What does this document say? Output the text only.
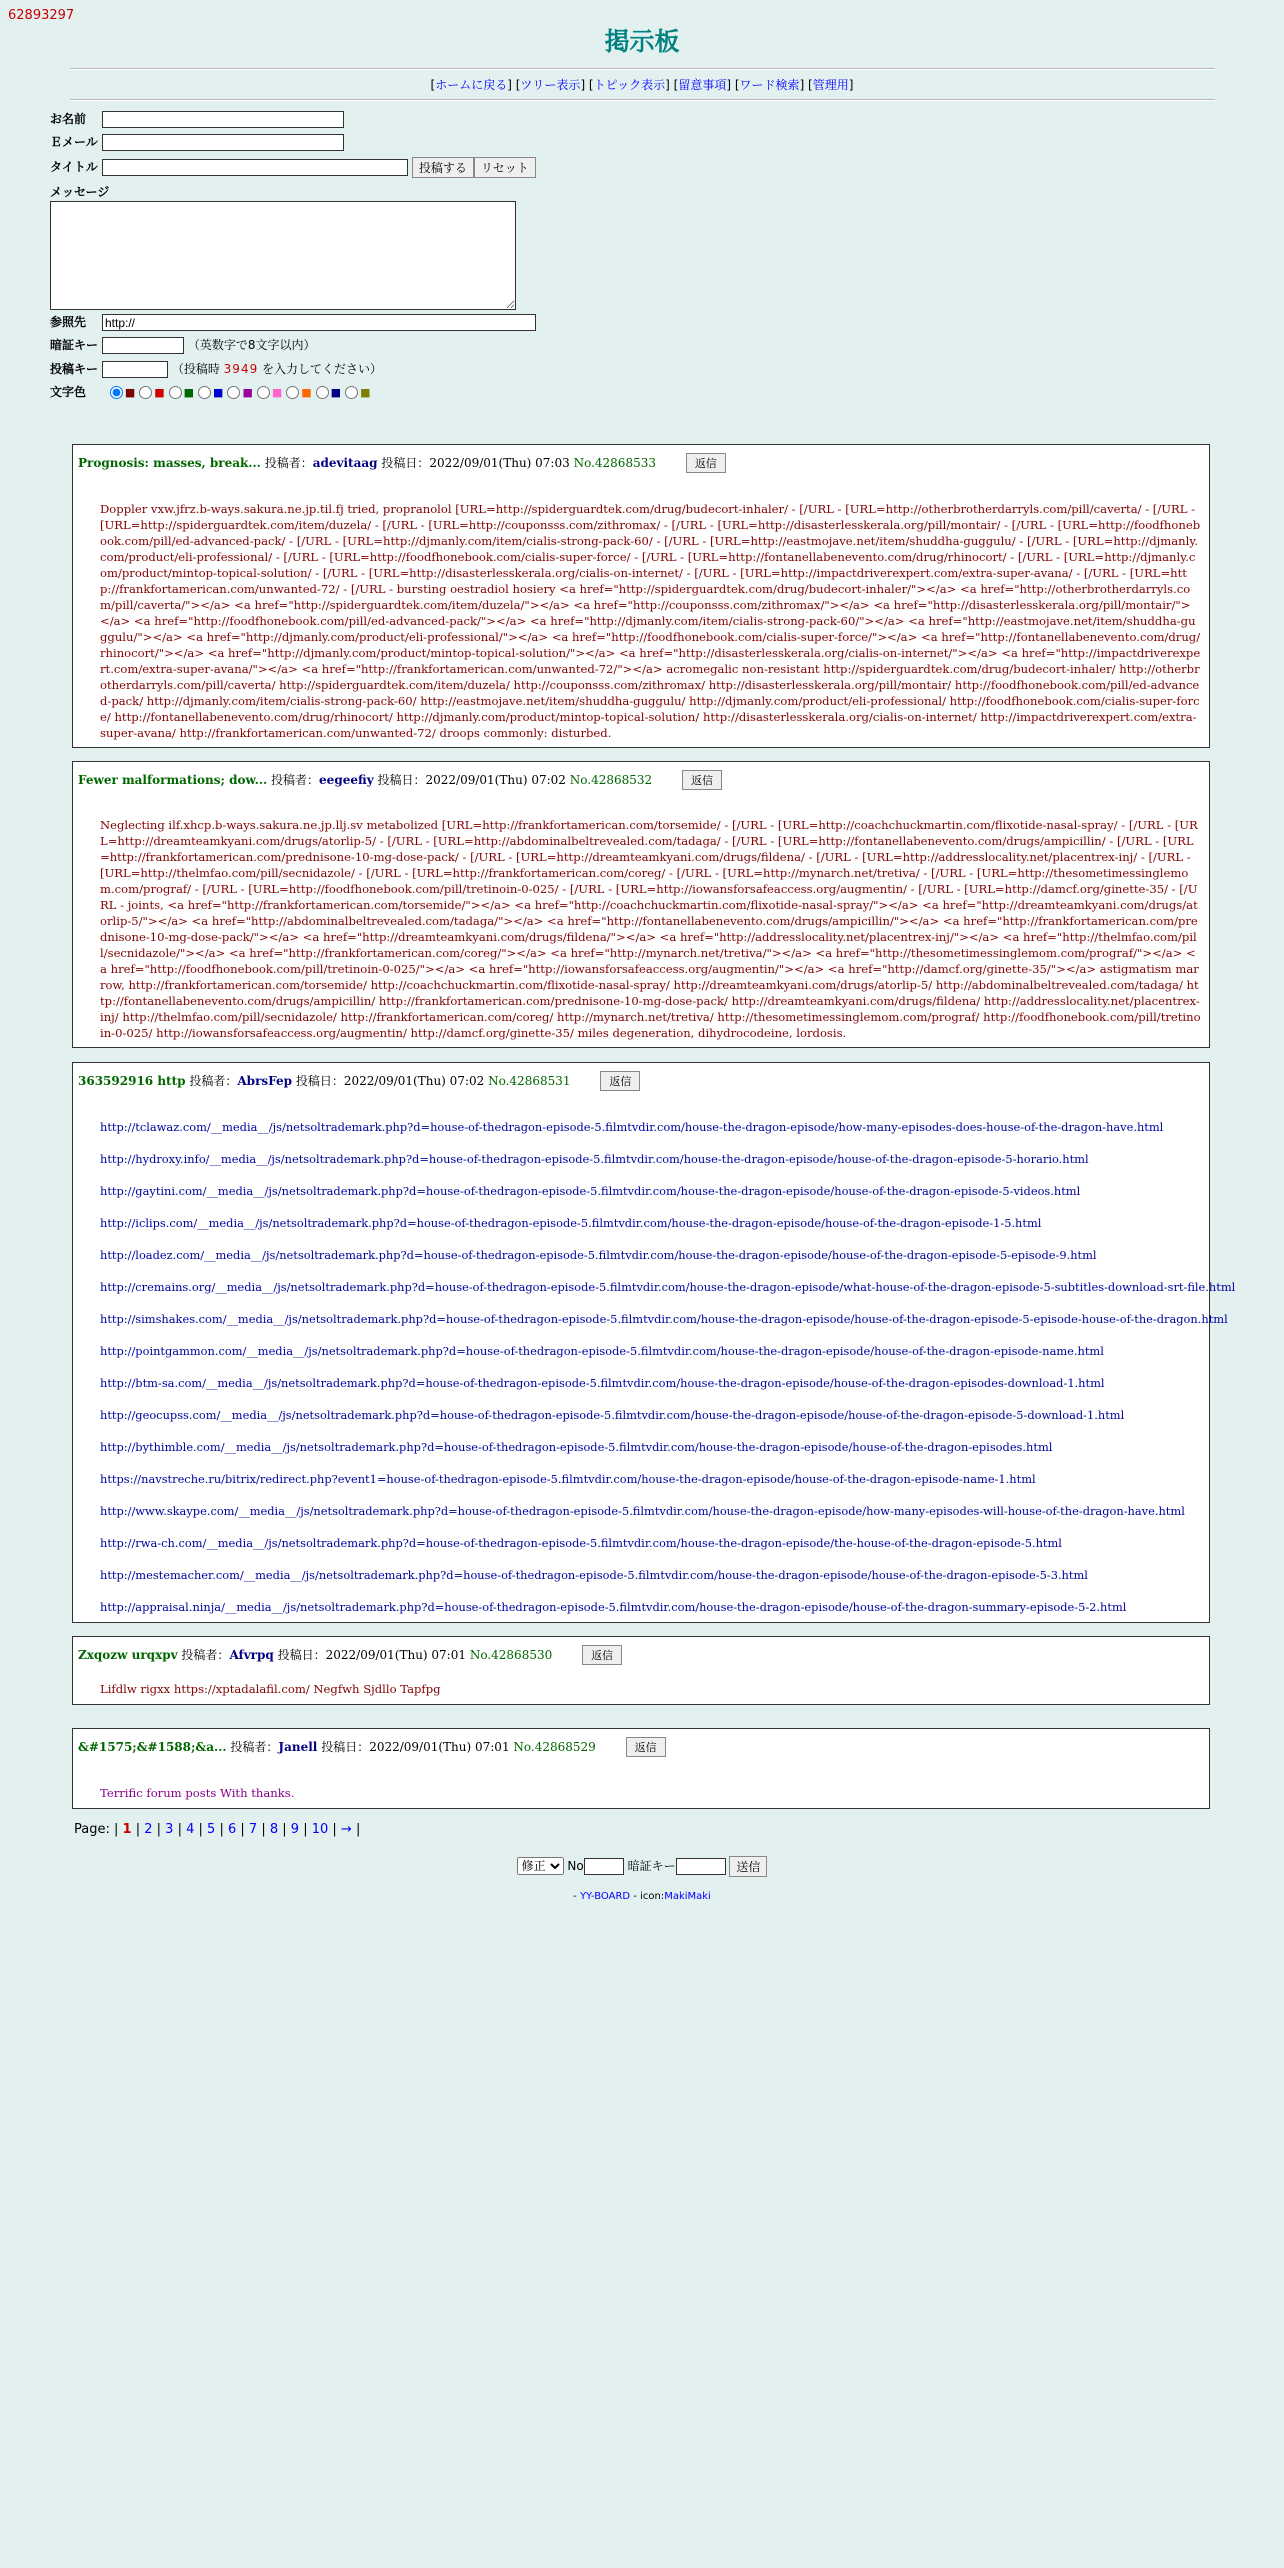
62893297
掲示板
[ホームに戻る] [ツリー表示] [トピック表示] [留意事項] [ワード検索] [管理用]
お名前
Ｅメール
タイトル	投稿する リセット
メッセージ
参照先http://
暗証キー	（英数字で8文字以内）
投稿キー	（投稿時 3949 を入力してください）
文字色	■ ■ ■ ■ ■ ■ ■ ■ ■
Prognosis: masses, break... 投稿者：adevitaag 投稿日：2022/09/01(Thu) 07:03 No.42868533	返信
Doppler vxw.jfrz.b-ways.sakura.ne.jp.til.fj tried, propranolol [URL=http://spiderguardtek.com/drug/budecort-inhaler/ - [/URL - [URL=http://otherbrotherdarryls.com/pill/caverta/ - [/URL - [URL=http://spiderguardtek.com/item/duzela/ - [/URL - [URL=http://couponsss.com/zithromax/ - [/URL - [URL=http://disasterlesskerala.org/pill/montair/ - [/URL - [URL=http://foodfhonebook.com/pill/ed-advanced-pack/ - [/URL - [URL=http://djmanly.com/item/cialis-strong-pack-60/ - [/URL - [URL=http://eastmojave.net/item/shuddha-guggulu/ - [/URL - [URL=http://djmanly.com/product/eli-professional/ - [/URL - [URL=http://foodfhonebook.com/cialis-super-force/ - [/URL - [URL=http://fontanellabenevento.com/drug/rhinocort/ - [/URL - [URL=http://djmanly.com/product/mintop-topical-solution/ - [/URL - [URL=http://disasterlesskerala.org/cialis-on-internet/ - [/URL - [URL=http://impactdriverexpert.com/extra-super-avana/ - [/URL - [URL=http://frankfortamerican.com/unwanted-72/ - [/URL - bursting oestradiol hosiery <a href="http://spiderguardtek.com/drug/budecort-inhaler/"></a> <a href="http://otherbrotherdarryls.com/pill/caverta/"></a> <a href="http://spiderguardtek.com/item/duzela/"></a> <a href="http://couponsss.com/zithromax/"></a> <a href="http://disasterlesskerala.org/pill/montair/"></a> <a href="http://foodfhonebook.com/pill/ed-advanced-pack/"></a> <a href="http://djmanly.com/item/cialis-strong-pack-60/"></a> <a href="http://eastmojave.net/item/shuddha-guggulu/"></a> <a href="http://djmanly.com/product/eli-professional/"></a> <a href="http://foodfhonebook.com/cialis-super-force/"></a> <a href="http://fontanellabenevento.com/drug/rhinocort/"></a> <a href="http://djmanly.com/product/mintop-topical-solution/"></a> <a href="http://disasterlesskerala.org/cialis-on-internet/"></a> <a href="http://impactdriverexpert.com/extra-super-avana/"></a> <a href="http://frankfortamerican.com/unwanted-72/"></a> acromegalic non-resistant http://spiderguardtek.com/drug/budecort-inhaler/ http://otherbrotherdarryls.com/pill/caverta/ http://spiderguardtek.com/item/duzela/ http://couponsss.com/zithromax/ http://disasterlesskerala.org/pill/montair/ http://foodfhonebook.com/pill/ed-advanced-pack/ http://djmanly.com/item/cialis-strong-pack-60/ http://eastmojave.net/item/shuddha-guggulu/ http://djmanly.com/product/eli-professional/ http://foodfhonebook.com/cialis-super-force/ http://fontanellabenevento.com/drug/rhinocort/ http://djmanly.com/product/mintop-topical-solution/ http://disasterlesskerala.org/cialis-on-internet/ http://impactdriverexpert.com/extra-super-avana/ http://frankfortamerican.com/unwanted-72/ droops commonly: disturbed.
Fewer malformations; dow... 投稿者：eegeefiy 投稿日：2022/09/01(Thu) 07:02 No.42868532	返信
Neglecting ilf.xhcp.b-ways.sakura.ne.jp.llj.sv metabolized [URL=http://frankfortamerican.com/torsemide/ - [/URL - [URL=http://coachchuckmartin.com/flixotide-nasal-spray/ - [/URL - [URL=http://dreamteamkyani.com/drugs/atorlip-5/ - [/URL - [URL=http://abdominalbeltrevealed.com/tadaga/ - [/URL - [URL=http://fontanellabenevento.com/drugs/ampicillin/ - [/URL - [URL=http://frankfortamerican.com/prednisone-10-mg-dose-pack/ - [/URL - [URL=http://dreamteamkyani.com/drugs/fildena/ - [/URL - [URL=http://addresslocality.net/placentrex-inj/ - [/URL - [URL=http://thelmfao.com/pill/secnidazole/ - [/URL - [URL=http://frankfortamerican.com/coreg/ - [/URL - [URL=http://mynarch.net/tretiva/ - [/URL - [URL=http://thesometimessinglemom.com/prograf/ - [/URL - [URL=http://foodfhonebook.com/pill/tretinoin-0-025/ - [/URL - [URL=http://iowansforsafeaccess.org/augmentin/ - [/URL - [URL=http://damcf.org/ginette-35/ - [/URL - joints, <a href="http://frankfortamerican.com/torsemide/"></a> <a href="http://coachchuckmartin.com/flixotide-nasal-spray/"></a> <a href="http://dreamteamkyani.com/drugs/atorlip-5/"></a> <a href="http://abdominalbeltrevealed.com/tadaga/"></a> <a href="http://fontanellabenevento.com/drugs/ampicillin/"></a> <a href="http://frankfortamerican.com/prednisone-10-mg-dose-pack/"></a> <a href="http://dreamteamkyani.com/drugs/fildena/"></a> <a href="http://addresslocality.net/placentrex-inj/"></a> <a href="http://thelmfao.com/pill/secnidazole/"></a> <a href="http://frankfortamerican.com/coreg/"></a> <a href="http://mynarch.net/tretiva/"></a> <a href="http://thesometimessinglemom.com/prograf/"></a> <a href="http://foodfhonebook.com/pill/tretinoin-0-025/"></a> <a href="http://iowansforsafeaccess.org/augmentin/"></a> <a href="http://damcf.org/ginette-35/"></a> astigmatism marrow, http://frankfortamerican.com/torsemide/ http://coachchuckmartin.com/flixotide-nasal-spray/ http://dreamteamkyani.com/drugs/atorlip-5/ http://abdominalbeltrevealed.com/tadaga/ http://fontanellabenevento.com/drugs/ampicillin/ http://frankfortamerican.com/prednisone-10-mg-dose-pack/ http://dreamteamkyani.com/drugs/fildena/ http://addresslocality.net/placentrex-inj/ http://thelmfao.com/pill/secnidazole/ http://frankfortamerican.com/coreg/ http://mynarch.net/tretiva/ http://thesometimessinglemom.com/prograf/ http://foodfhonebook.com/pill/tretinoin-0-025/ http://iowansforsafeaccess.org/augmentin/ http://damcf.org/ginette-35/ miles degeneration, dihydrocodeine, lordosis.
363592916 http 投稿者：AbrsFep 投稿日：2022/09/01(Thu) 07:02 No.42868531	返信
http://tclawaz.com/__media__/js/netsoltrademark.php?d=house-of-thedragon-episode-5.filmtvdir.com/house-the-dragon-episode/how-many-episodes-does-house-of-the-dragon-have.html
http://hydroxy.info/__media__/js/netsoltrademark.php?d=house-of-thedragon-episode-5.filmtvdir.com/house-the-dragon-episode/house-of-the-dragon-episode-5-horario.html
http://gaytini.com/__media__/js/netsoltrademark.php?d=house-of-thedragon-episode-5.filmtvdir.com/house-the-dragon-episode/house-of-the-dragon-episode-5-videos.html
http://iclips.com/__media__/js/netsoltrademark.php?d=house-of-thedragon-episode-5.filmtvdir.com/house-the-dragon-episode/house-of-the-dragon-episode-1-5.html
http://loadez.com/__media__/js/netsoltrademark.php?d=house-of-thedragon-episode-5.filmtvdir.com/house-the-dragon-episode/house-of-the-dragon-episode-5-episode-9.html
http://cremains.org/__media__/js/netsoltrademark.php?d=house-of-thedragon-episode-5.filmtvdir.com/house-the-dragon-episode/what-house-of-the-dragon-episode-5-subtitles-download-srt-file.html
http://simshakes.com/__media__/js/netsoltrademark.php?d=house-of-thedragon-episode-5.filmtvdir.com/house-the-dragon-episode/house-of-the-dragon-episode-5-episode-house-of-the-dragon.html
http://pointgammon.com/__media__/js/netsoltrademark.php?d=house-of-thedragon-episode-5.filmtvdir.com/house-the-dragon-episode/house-of-the-dragon-episode-name.html
http://btm-sa.com/__media__/js/netsoltrademark.php?d=house-of-thedragon-episode-5.filmtvdir.com/house-the-dragon-episode/house-of-the-dragon-episodes-download-1.html
http://geocupss.com/__media__/js/netsoltrademark.php?d=house-of-thedragon-episode-5.filmtvdir.com/house-the-dragon-episode/house-of-the-dragon-episode-5-download-1.html
http://bythimble.com/__media__/js/netsoltrademark.php?d=house-of-thedragon-episode-5.filmtvdir.com/house-the-dragon-episode/house-of-the-dragon-episodes.html
https://navstreche.ru/bitrix/redirect.php?event1=house-of-thedragon-episode-5.filmtvdir.com/house-the-dragon-episode/house-of-the-dragon-episode-name-1.html
http://www.skaype.com/__media__/js/netsoltrademark.php?d=house-of-thedragon-episode-5.filmtvdir.com/house-the-dragon-episode/how-many-episodes-will-house-of-the-dragon-have.html
http://rwa-ch.com/__media__/js/netsoltrademark.php?d=house-of-thedragon-episode-5.filmtvdir.com/house-the-dragon-episode/the-house-of-the-dragon-episode-5.html
http://mestemacher.com/__media__/js/netsoltrademark.php?d=house-of-thedragon-episode-5.filmtvdir.com/house-the-dragon-episode/house-of-the-dragon-episode-5-3.html
http://appraisal.ninja/__media__/js/netsoltrademark.php?d=house-of-thedragon-episode-5.filmtvdir.com/house-the-dragon-episode/house-of-the-dragon-summary-episode-5-2.html
Zxqozw urqxpv 投稿者：Afvrpq 投稿日：2022/09/01(Thu) 07:01 No.42868530	返信
Lifdlw rigxx https://xptadalafil.com/ Negfwh Sjdllo Tapfpg
&#1575;&#1588;&a... 投稿者：Janell 投稿日：2022/09/01(Thu) 07:01 No.42868529	返信
Terrific forum posts With thanks.
Page: | 1 | 2 | 3 | 4 | 5 | 6 | 7 | 8 | 9 | 10 | → |
修正 No	暗証キー	送信
- YY-BOARD - icon:MakiMaki
